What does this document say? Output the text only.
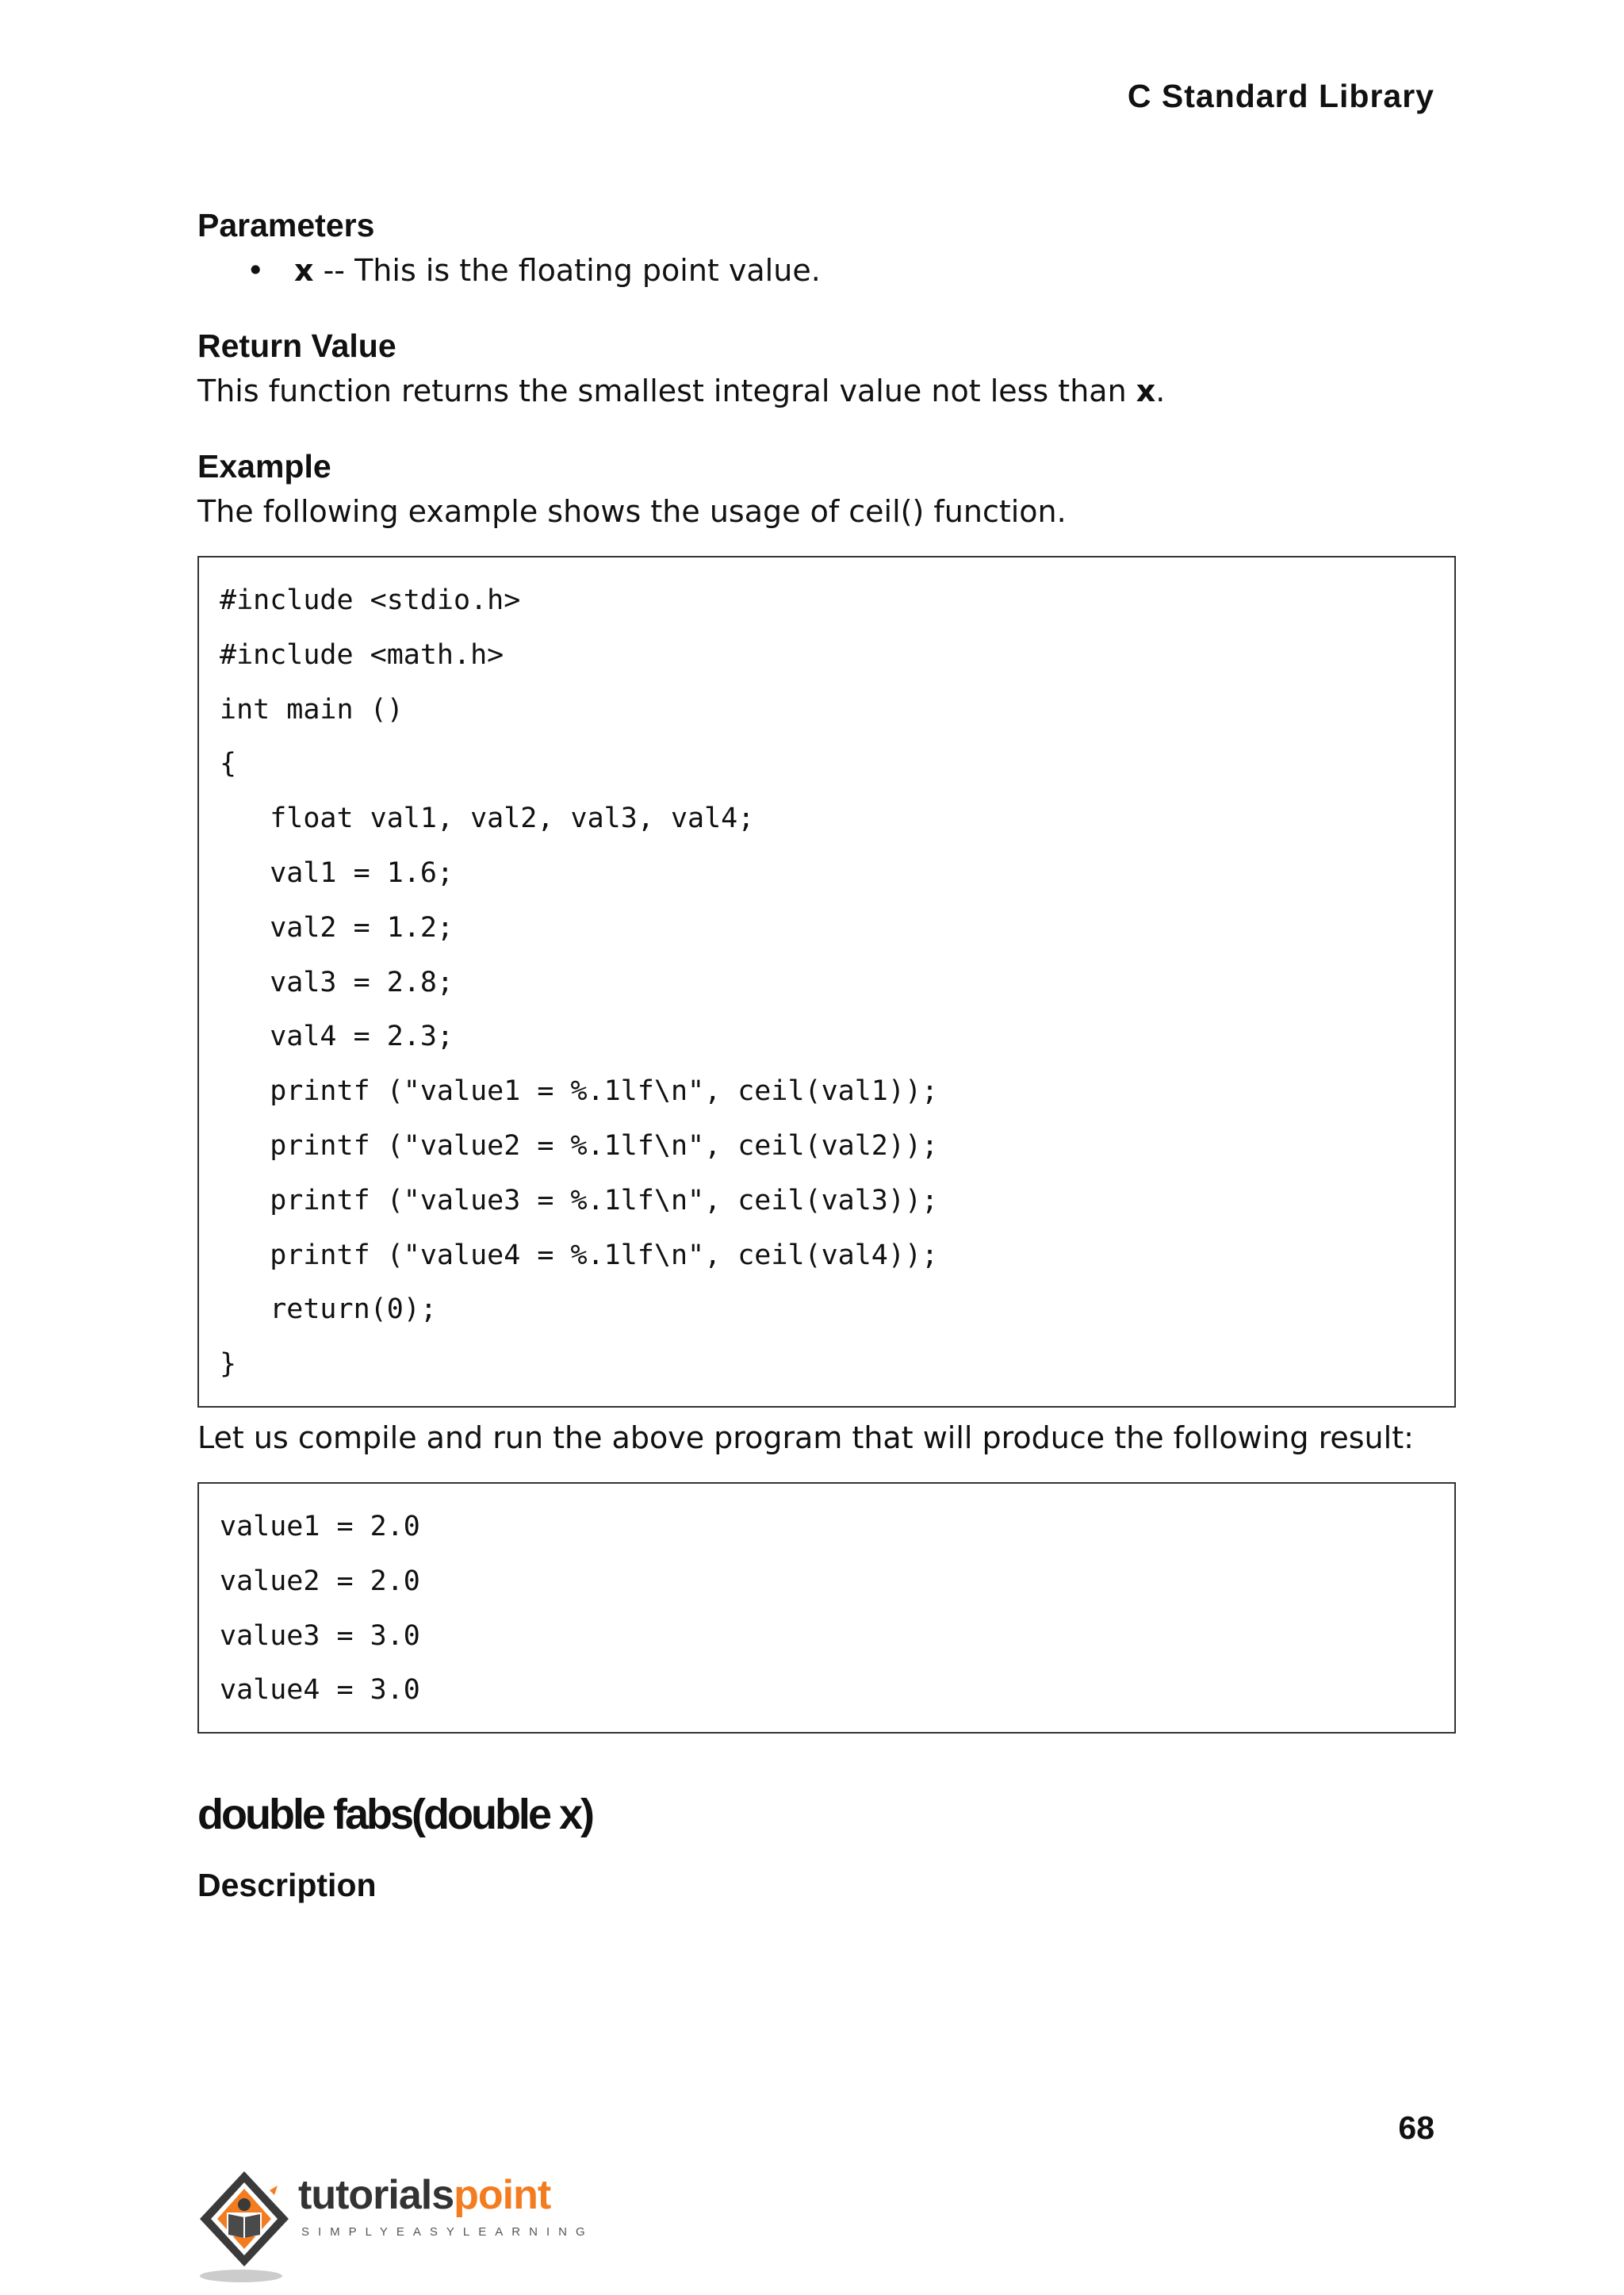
C Standard Library
Parameters
• x -- This is the floating point value.
Return Value

This function returns the smallest integral value not less than x.

Example

The following example shows the usage of ceil() function.

#include <stdio.h>
#include <math.h>
int main ()
{
float val1, val2, val3, val4;
val1 = 1.6;
val2 = 1.2;
val3 = 2.8;
val4 = 2.3;
printf ("value1 = %.1lf\n", ceil(val1));
printf ("value2 = %.1lf\n", ceil(val2));
printf ("value3 = %.1lf\n", ceil(val3));
printf ("value4 = %.1lf\n", ceil(val4));
return(0);
}

Let us compile and run the above program that will produce the following result:

value1 = 2.0
value2 = 2.0
value3 = 3.0
value4 = 3.0
double fabs(double x)
Description
68
tutorialspoint
SIMPLYEASYLEARNING
